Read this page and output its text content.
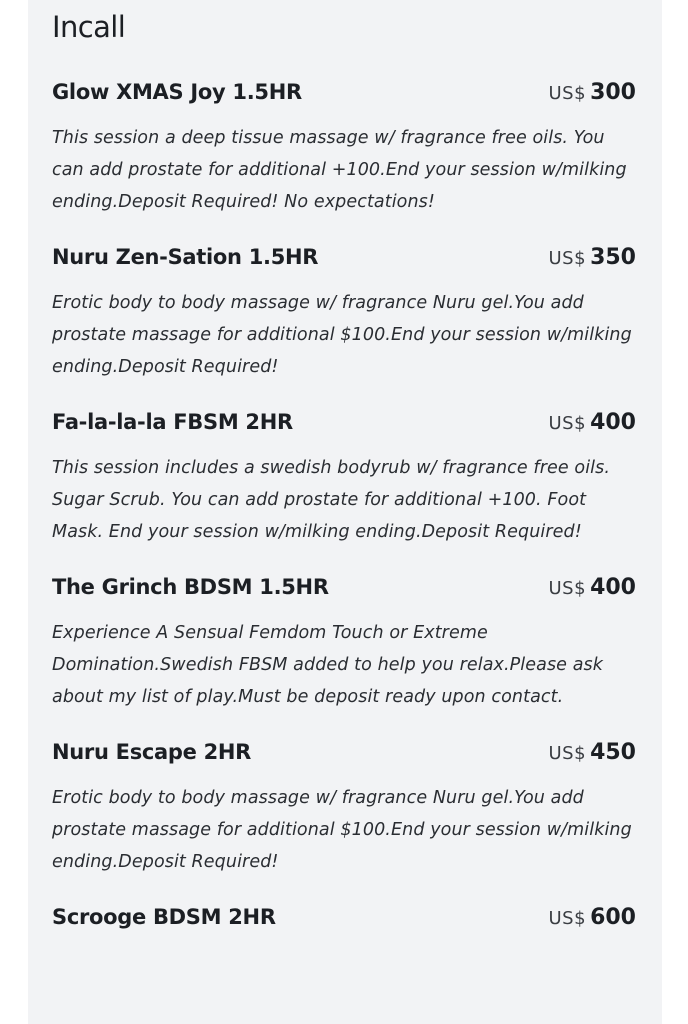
Incall
Glow XMAS Joy 1.5HR	US$ 300

This session a deep tissue massage w/ fragrance free oils. You can add prostate for additional +100.End your session w/milking ending.Deposit Required! No expectations!

Nuru Zen-Sation 1.5HR	US$ 350

Erotic body to body massage w/ fragrance Nuru gel.You add prostate massage for additional $100.End your session w/milking ending.Deposit Required!

Fa-la-la-la FBSM 2HR	US$ 400

This session includes a swedish bodyrub w/ fragrance free oils. Sugar Scrub. You can add prostate for additional +100. Foot Mask. End your session w/milking ending.Deposit Required!

The Grinch BDSM 1.5HR	US$ 400

Experience A Sensual Femdom Touch or Extreme Domination.Swedish FBSM added to help you relax.Please ask about my list of play.Must be deposit ready upon contact.

Nuru Escape 2HR	US$ 450

Erotic body to body massage w/ fragrance Nuru gel.You add prostate massage for additional $100.End your session w/milking ending.Deposit Required!

Scrooge BDSM 2HR	US$ 600
